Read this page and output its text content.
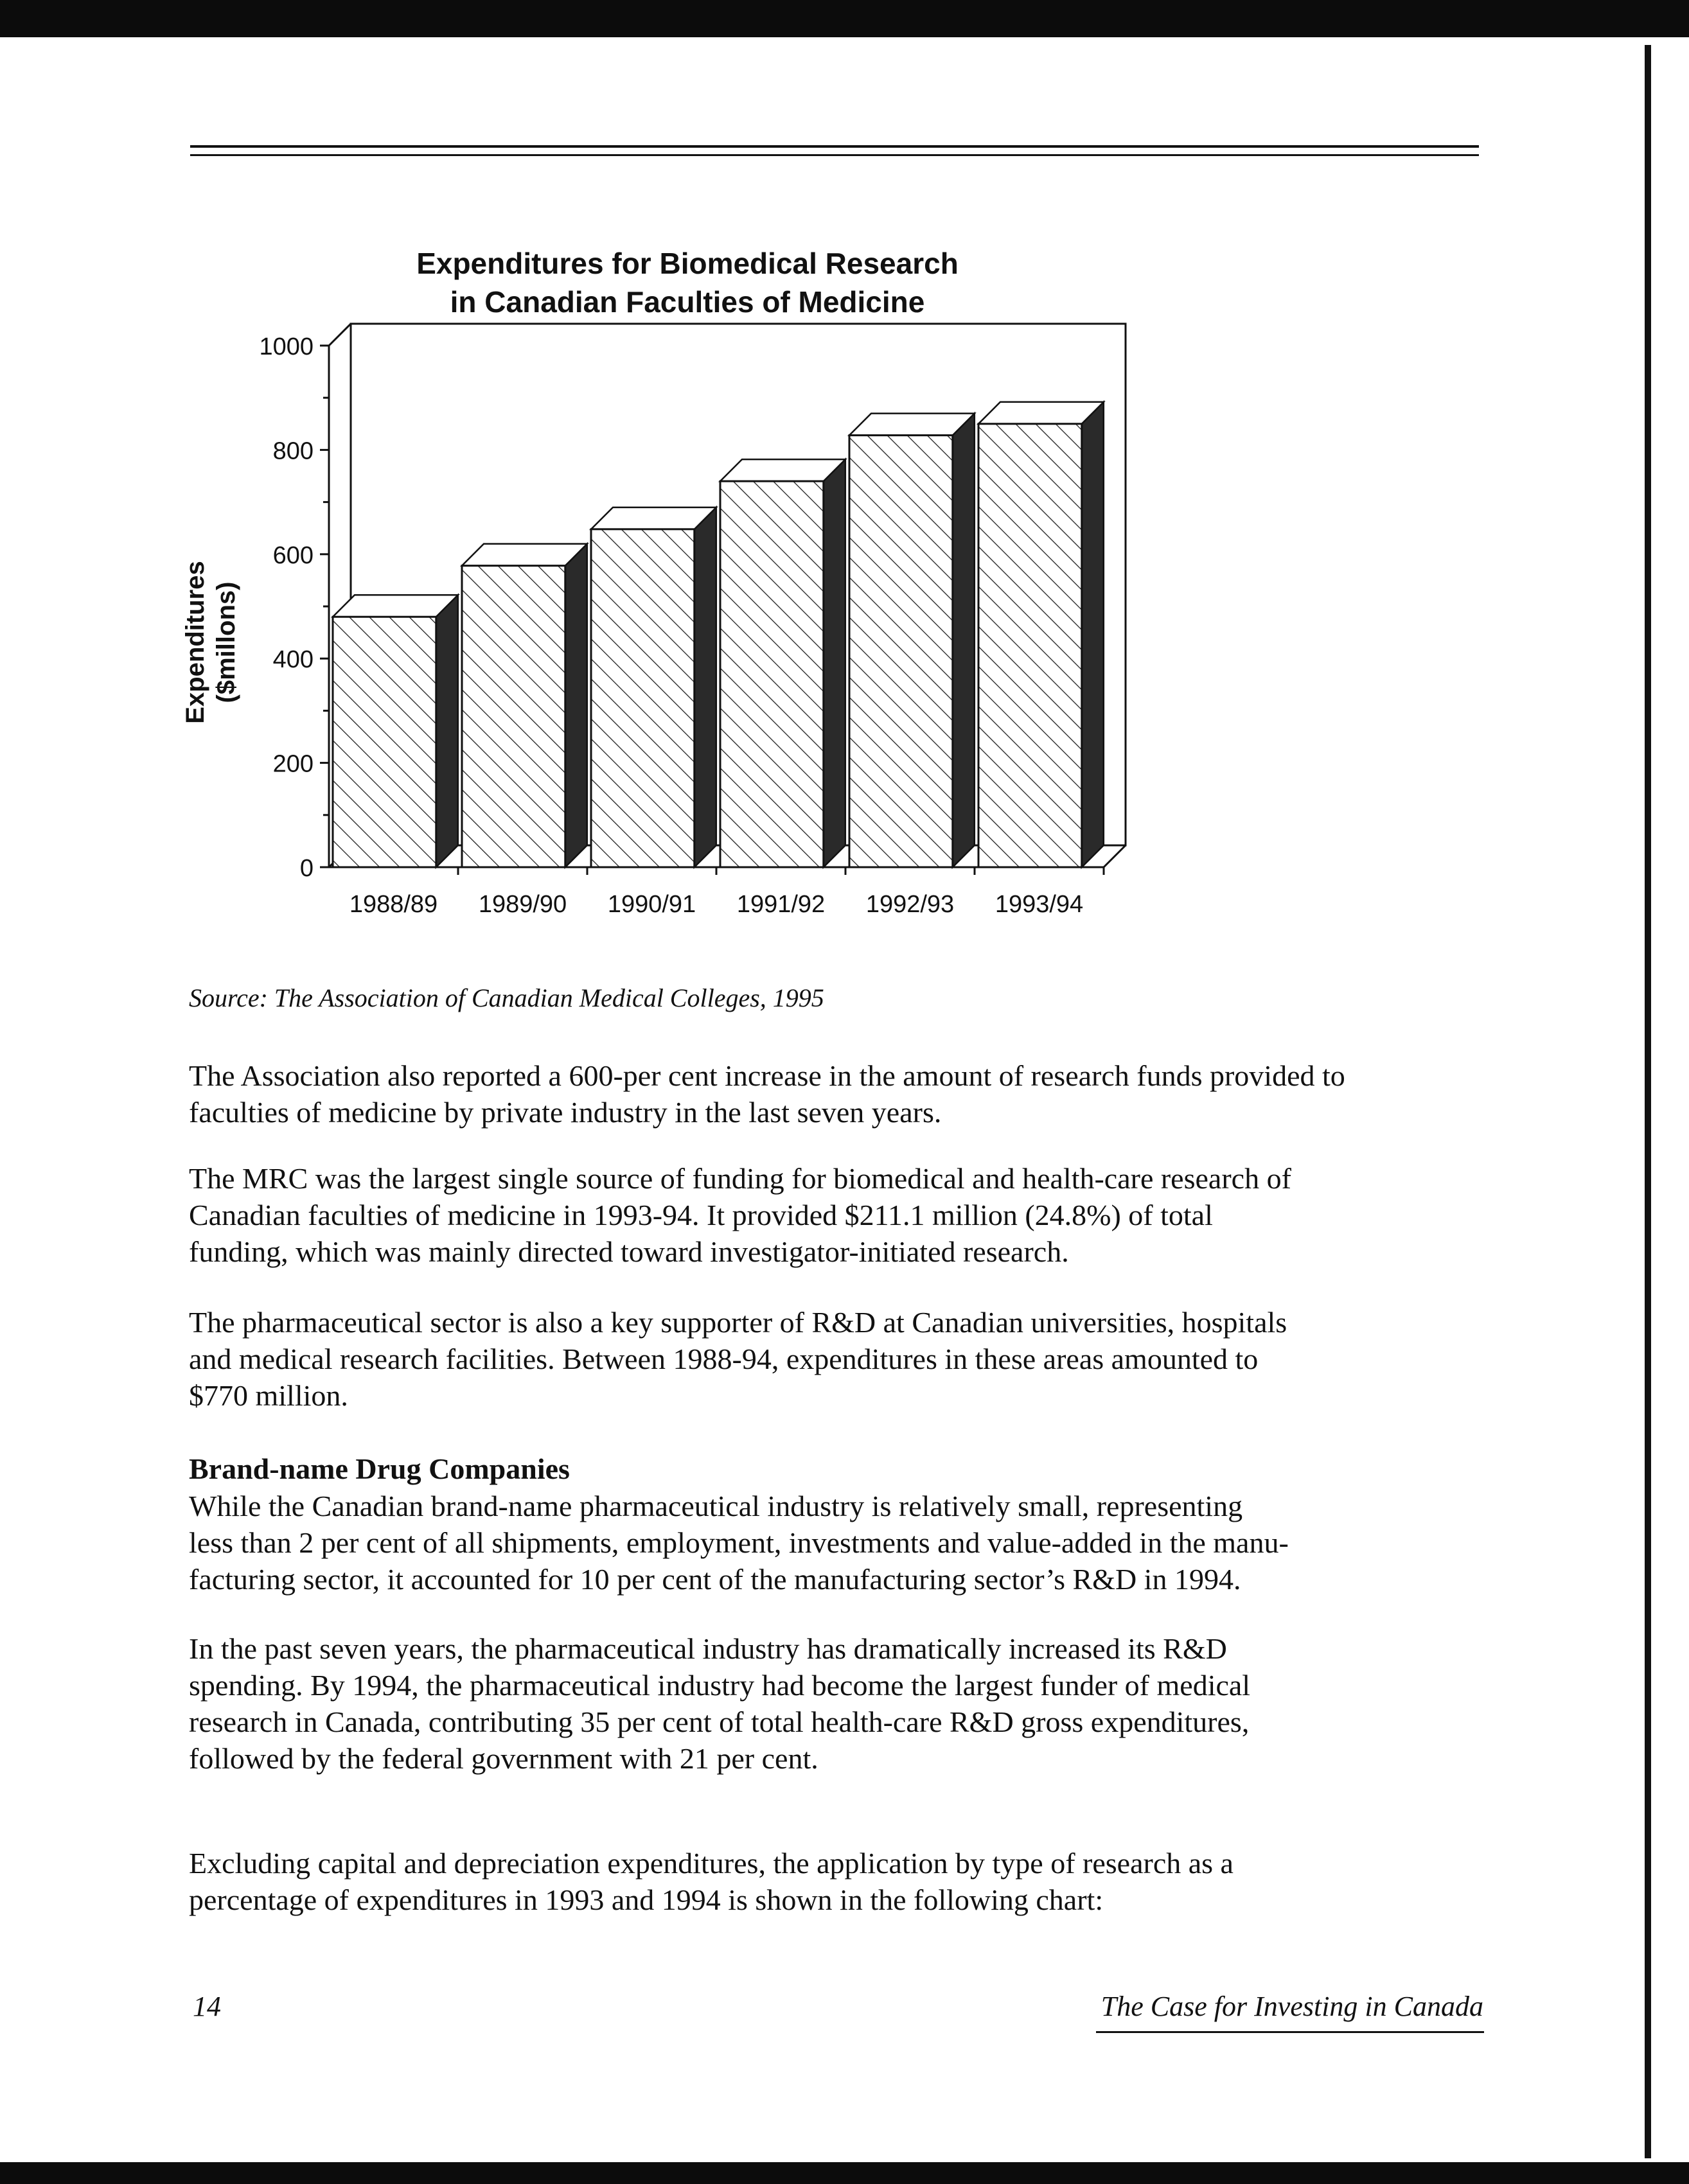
Expenditures for Biomedical Research
in Canadian Faculties of Medicine
Expenditures ($millons)
0
200
400
600
800
1000
1988/89 1989/90 1990/91 1991/92 1992/93 1993/94
Source: The Association of Canadian Medical Colleges, 1995
The Association also reported a 600-per cent increase in the amount of research funds provided to
faculties of medicine by private industry in the last seven years.
The MRC was the largest single source of funding for biomedical and health-care research of
Canadian faculties of medicine in 1993-94. It provided $211.1 million (24.8%) of total
funding, which was mainly directed toward investigator-initiated research.
The pharmaceutical sector is also a key supporter of R&D at Canadian universities, hospitals
and medical research facilities. Between 1988-94, expenditures in these areas amounted to
$770 million.
Brand-name Drug Companies
While the Canadian brand-name pharmaceutical industry is relatively small, representing
less than 2 per cent of all shipments, employment, investments and value-added in the manu-
facturing sector, it accounted for 10 per cent of the manufacturing sector’s R&D in 1994.
In the past seven years, the pharmaceutical industry has dramatically increased its R&D
spending. By 1994, the pharmaceutical industry had become the largest funder of medical
research in Canada, contributing 35 per cent of total health-care R&D gross expenditures,
followed by the federal government with 21 per cent.
Excluding capital and depreciation expenditures, the application by type of research as a
percentage of expenditures in 1993 and 1994 is shown in the following chart:
14	The Case for Investing in Canada
